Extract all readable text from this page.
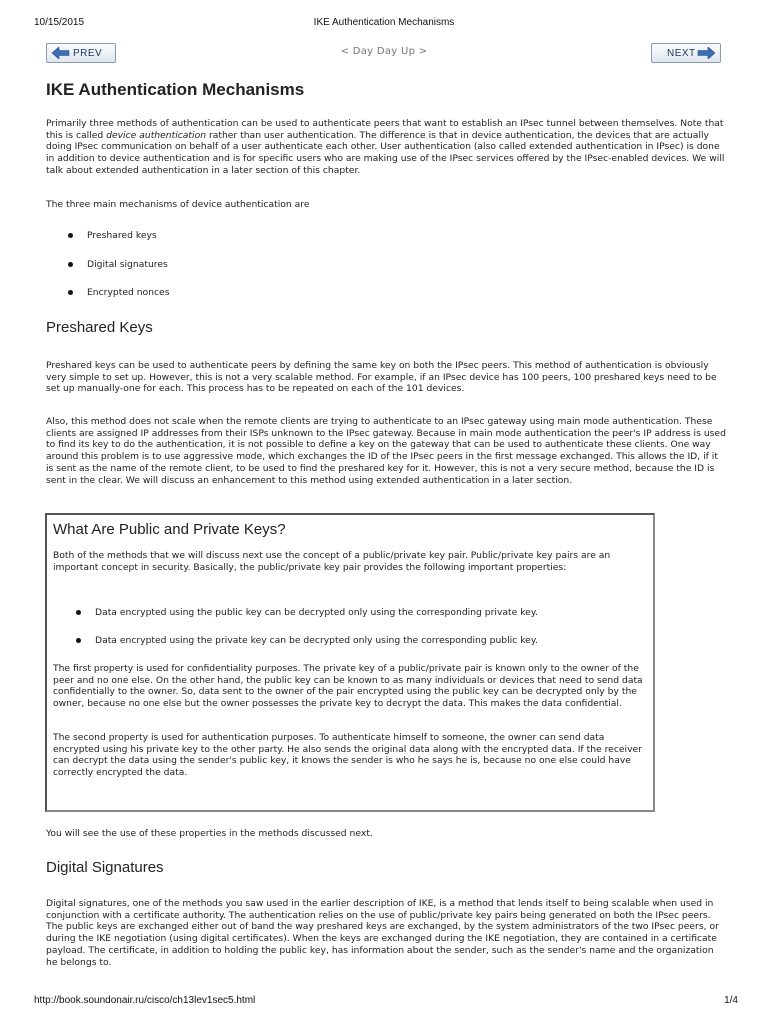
10/15/2015	IKE Authentication Mechanisms
PREV	< Day Day Up >	NEXT
IKE Authentication Mechanisms

Primarily three methods of authentication can be used to authenticate peers that want to establish an IPsec tunnel between themselves. Note that this is called device authentication rather than user authentication. The difference is that in device authentication, the devices that are actually doing IPsec communication on behalf of a user authenticate each other. User authentication (also called extended authentication in IPsec) is done in addition to device authentication and is for specific users who are making use of the IPsec services offered by the IPsec-enabled devices. We will talk about extended authentication in a later section of this chapter.

The three main mechanisms of device authentication are

Preshared keys
Digital signatures
Encrypted nonces
Preshared Keys

Preshared keys can be used to authenticate peers by defining the same key on both the IPsec peers. This method of authentication is obviously very simple to set up. However, this is not a very scalable method. For example, if an IPsec device has 100 peers, 100 preshared keys need to be set up manually-one for each. This process has to be repeated on each of the 101 devices.

Also, this method does not scale when the remote clients are trying to authenticate to an IPsec gateway using main mode authentication. These clients are assigned IP addresses from their ISPs unknown to the IPsec gateway. Because in main mode authentication the peer's IP address is used to find its key to do the authentication, it is not possible to define a key on the gateway that can be used to authenticate these clients. One way around this problem is to use aggressive mode, which exchanges the ID of the IPsec peers in the first message exchanged. This allows the ID, if it is sent as the name of the remote client, to be used to find the preshared key for it. However, this is not a very secure method, because the ID is sent in the clear. We will discuss an enhancement to this method using extended authentication in a later section.

What Are Public and Private Keys?

Both of the methods that we will discuss next use the concept of a public/private key pair. Public/private key pairs are an important concept in security. Basically, the public/private key pair provides the following important properties:

Data encrypted using the public key can be decrypted only using the corresponding private key.
Data encrypted using the private key can be decrypted only using the corresponding public key.

The first property is used for confidentiality purposes. The private key of a public/private pair is known only to the owner of the peer and no one else. On the other hand, the public key can be known to as many individuals or devices that need to send data confidentially to the owner. So, data sent to the owner of the pair encrypted using the public key can be decrypted only by the owner, because no one else but the owner possesses the private key to decrypt the data. This makes the data confidential.

The second property is used for authentication purposes. To authenticate himself to someone, the owner can send data encrypted using his private key to the other party. He also sends the original data along with the encrypted data. If the receiver can decrypt the data using the sender's public key, it knows the sender is who he says he is, because no one else could have correctly encrypted the data.

You will see the use of these properties in the methods discussed next.

Digital Signatures

Digital signatures, one of the methods you saw used in the earlier description of IKE, is a method that lends itself to being scalable when used in conjunction with a certificate authority. The authentication relies on the use of public/private key pairs being generated on both the IPsec peers. The public keys are exchanged either out of band the way preshared keys are exchanged, by the system administrators of the two IPsec peers, or during the IKE negotiation (using digital certificates). When the keys are exchanged during the IKE negotiation, they are contained in a certificate payload. The certificate, in addition to holding the public key, has information about the sender, such as the sender's name and the organization he belongs to.

http://book.soundonair.ru/cisco/ch13lev1sec5.html	1/4
